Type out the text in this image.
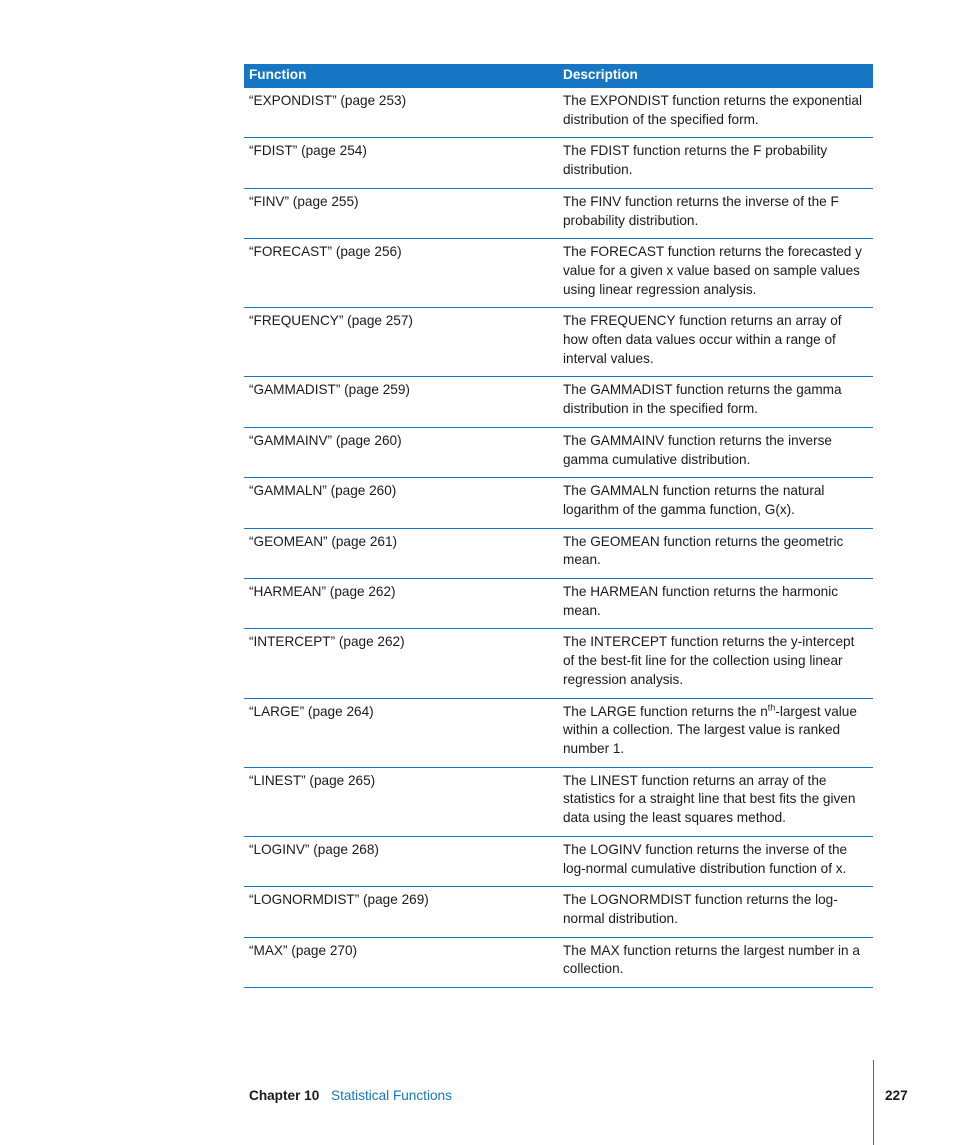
Function	Description
“EXPONDIST” (page 253)	The EXPONDIST function returns the exponential distribution of the specified form.
“FDIST” (page 254)	The FDIST function returns the F probability distribution.
“FINV” (page 255)	The FINV function returns the inverse of the F probability distribution.
“FORECAST” (page 256)	The FORECAST function returns the forecasted y value for a given x value based on sample values using linear regression analysis.
“FREQUENCY” (page 257)	The FREQUENCY function returns an array of how often data values occur within a range of interval values.
“GAMMADIST” (page 259)	The GAMMADIST function returns the gamma distribution in the specified form.
“GAMMAINV” (page 260)	The GAMMAINV function returns the inverse gamma cumulative distribution.
“GAMMALN” (page 260)	The GAMMALN function returns the natural logarithm of the gamma function, G(x).
“GEOMEAN” (page 261)	The GEOMEAN function returns the geometric mean.
“HARMEAN” (page 262)	The HARMEAN function returns the harmonic mean.
“INTERCEPT” (page 262)	The INTERCEPT function returns the y-intercept of the best-fit line for the collection using linear regression analysis.
“LARGE” (page 264)	The LARGE function returns the $n^{th}$-largest value within a collection. The largest value is ranked number 1.
“LINEST” (page 265)	The LINEST function returns an array of the statistics for a straight line that best fits the given data using the least squares method.
“LOGINV” (page 268)	The LOGINV function returns the inverse of the log-normal cumulative distribution function of x.
“LOGNORMDIST” (page 269)	The LOGNORMDIST function returns the log-normal distribution.
“MAX” (page 270)	The MAX function returns the largest number in a collection.
Chapter 10 Statistical Functions	227
